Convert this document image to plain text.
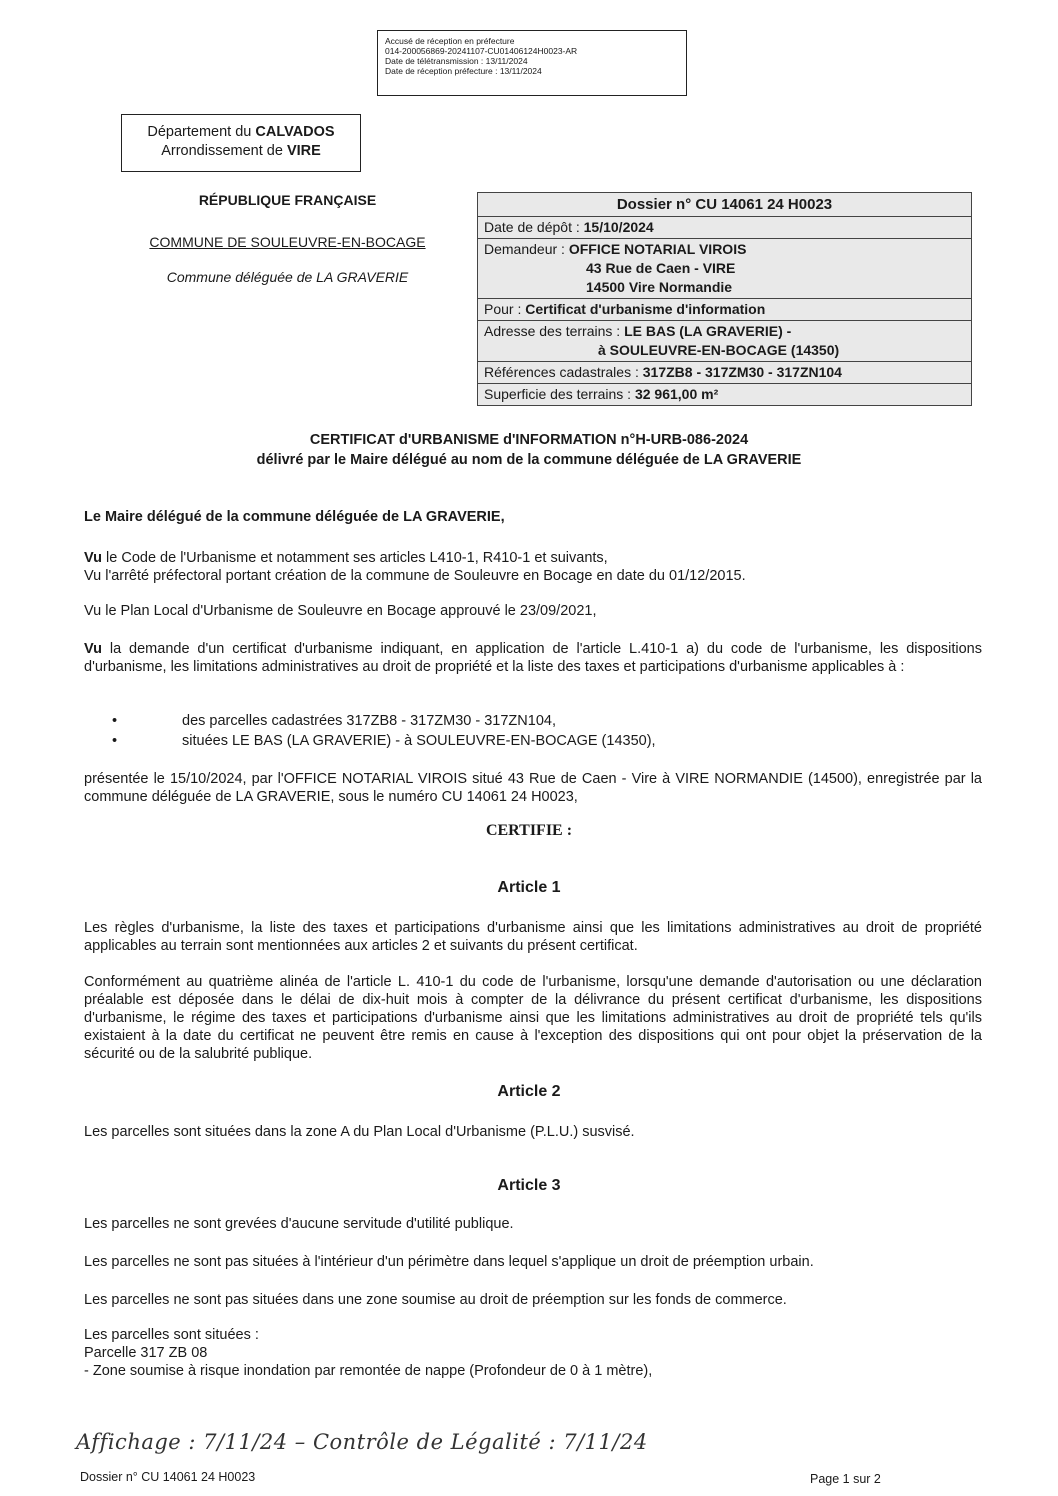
Accusé de réception en préfecture
014-200056869-20241107-CU01406124H0023-AR
Date de télétransmission : 13/11/2024
Date de réception préfecture : 13/11/2024
Département du CALVADOS
Arrondissement de VIRE
RÉPUBLIQUE FRANÇAISE
COMMUNE DE SOULEUVRE-EN-BOCAGE
Commune déléguée de LA GRAVERIE
Dossier n° CU 14061 24 H0023
Date de dépôt : 15/10/2024
Demandeur : OFFICE NOTARIAL VIROIS
43 Rue de Caen - VIRE
14500 Vire Normandie
Pour : Certificat d'urbanisme d'information
Adresse des terrains : LE BAS (LA GRAVERIE) -
à SOULEUVRE-EN-BOCAGE (14350)
Références cadastrales : 317ZB8 - 317ZM30 - 317ZN104
Superficie des terrains : 32 961,00 m²
CERTIFICAT d'URBANISME d'INFORMATION n°H-URB-086-2024
délivré par le Maire délégué au nom de la commune déléguée de LA GRAVERIE
Le Maire délégué de la commune déléguée de LA GRAVERIE,
Vu le Code de l'Urbanisme et notamment ses articles L410-1, R410-1 et suivants,
Vu l'arrêté préfectoral portant création de la commune de Souleuvre en Bocage en date du 01/12/2015.
Vu le Plan Local d'Urbanisme de Souleuvre en Bocage approuvé le 23/09/2021,
Vu la demande d'un certificat d'urbanisme indiquant, en application de l'article L.410-1 a) du code de l'urbanisme, les dispositions d'urbanisme, les limitations administratives au droit de propriété et la liste des taxes et participations d'urbanisme applicables à :
•	des parcelles cadastrées 317ZB8 - 317ZM30 - 317ZN104,
•	situées LE BAS (LA GRAVERIE) - à SOULEUVRE-EN-BOCAGE (14350),
présentée le 15/10/2024, par l'OFFICE NOTARIAL VIROIS situé 43 Rue de Caen - Vire à VIRE NORMANDIE (14500), enregistrée par la commune déléguée de LA GRAVERIE, sous le numéro CU 14061 24 H0023,
CERTIFIE :
Article 1
Les règles d'urbanisme, la liste des taxes et participations d'urbanisme ainsi que les limitations administratives au droit de propriété applicables au terrain sont mentionnées aux articles 2 et suivants du présent certificat.
Conformément au quatrième alinéa de l'article L. 410-1 du code de l'urbanisme, lorsqu'une demande d'autorisation ou une déclaration préalable est déposée dans le délai de dix-huit mois à compter de la délivrance du présent certificat d'urbanisme, les dispositions d'urbanisme, le régime des taxes et participations d'urbanisme ainsi que les limitations administratives au droit de propriété tels qu'ils existaient à la date du certificat ne peuvent être remis en cause à l'exception des dispositions qui ont pour objet la préservation de la sécurité ou de la salubrité publique.
Article 2
Les parcelles sont situées dans la zone A du Plan Local d'Urbanisme (P.L.U.) susvisé.
Article 3
Les parcelles ne sont grevées d'aucune servitude d'utilité publique.
Les parcelles ne sont pas situées à l'intérieur d'un périmètre dans lequel s'applique un droit de préemption urbain.
Les parcelles ne sont pas situées dans une zone soumise au droit de préemption sur les fonds de commerce.
Les parcelles sont situées :
Parcelle 317 ZB 08
- Zone soumise à risque inondation par remontée de nappe (Profondeur de 0 à 1 mètre),
Affichage : 7/11/24 – Contrôle de Légalité : 7/11/24
Dossier n° CU 14061 24 H0023	Page 1 sur 2
